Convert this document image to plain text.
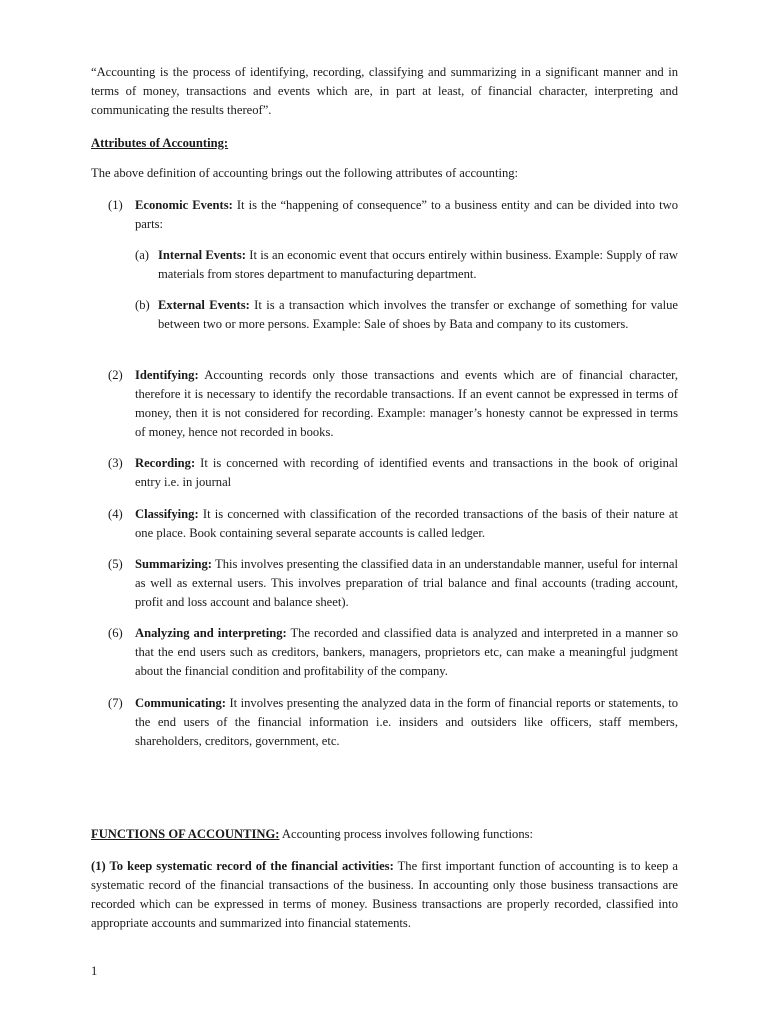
“Accounting is the process of identifying, recording, classifying and summarizing in a significant manner and in terms of money, transactions and events which are, in part at least, of financial character, interpreting and communicating the results thereof”.

Attributes of Accounting:

The above definition of accounting brings out the following attributes of accounting:

(1) Economic Events: It is the “happening of consequence” to a business entity and can be divided into two parts:
(a) Internal Events: It is an economic event that occurs entirely within business. Example: Supply of raw materials from stores department to manufacturing department.
(b) External Events: It is a transaction which involves the transfer or exchange of something for value between two or more persons. Example: Sale of shoes by Bata and company to its customers.
(2) Identifying: Accounting records only those transactions and events which are of financial character, therefore it is necessary to identify the recordable transactions. If an event cannot be expressed in terms of money, then it is not considered for recording. Example: manager’s honesty cannot be expressed in terms of money, hence not recorded in books.
(3) Recording: It is concerned with recording of identified events and transactions in the book of original entry i.e. in journal
(4) Classifying: It is concerned with classification of the recorded transactions of the basis of their nature at one place. Book containing several separate accounts is called ledger.
(5) Summarizing: This involves presenting the classified data in an understandable manner, useful for internal as well as external users. This involves preparation of trial balance and final accounts (trading account, profit and loss account and balance sheet).
(6) Analyzing and interpreting: The recorded and classified data is analyzed and interpreted in a manner so that the end users such as creditors, bankers, managers, proprietors etc, can make a meaningful judgment about the financial condition and profitability of the company.
(7) Communicating: It involves presenting the analyzed data in the form of financial reports or statements, to the end users of the financial information i.e. insiders and outsiders like officers, staff members, shareholders, creditors, government, etc.

FUNCTIONS OF ACCOUNTING: Accounting process involves following functions:

(1) To keep systematic record of the financial activities: The first important function of accounting is to keep a systematic record of the financial transactions of the business. In accounting only those business transactions are recorded which can be expressed in terms of money. Business transactions are properly recorded, classified into appropriate accounts and summarized into financial statements.

1
